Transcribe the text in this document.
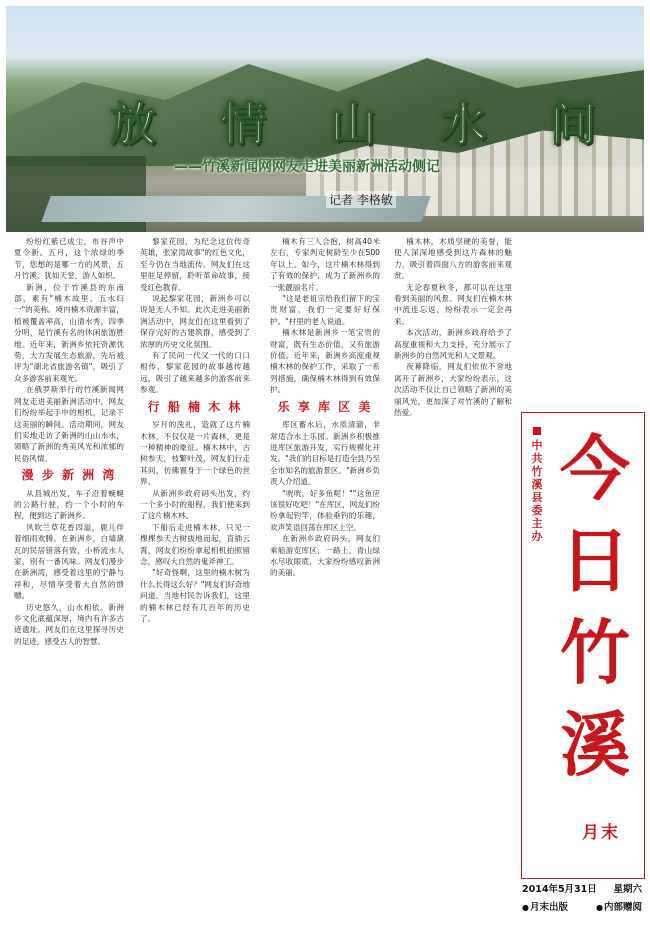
放 情 山 水 间
——竹溪新闻网网友走进美丽新洲活动侧记
记者 李格敏

纷纷红紫已成尘，布谷声中夏令新。五月，这个浓绿的季节，您想的是哪一方的风景，五月竹溪，犹如天堂，游人如织。

新洲，位于竹溪县的东南部，素有"楠木故里、五水归一"的美称。境内楠木资源丰富，植被覆盖率高，山清水秀，四季分明，是竹溪有名的休闲旅游胜地。近年来，新洲乡依托资源优势，大力发展生态旅游，先后被评为"湖北省旅游名镇"，吸引了众多游客前来观光。

在俄罗斯举行的竹溪新闻网网友走进美丽新洲活动中，网友们纷纷举起手中的相机，记录下这美丽的瞬间。活动期间，网友们实地走访了新洲的山山水水，领略了新洲的秀美风光和浓郁的民俗风情。

漫 步 新 洲 湾

从县城出发，车子沿着蜿蜒的公路行驶，约一个小时的车程，便到达了新洲乡。

风吹兰草花香四溢，鹿儿伴着细雨欢腾。在新洲乡，白墙黛瓦的民居错落有致，小桥流水人家，别有一番风味。网友们漫步在新洲湾，感受着这里的宁静与祥和，尽情享受着大自然的馈赠。

历史悠久，山水相依。新洲乡文化底蕴深厚，境内有许多古迹遗址。网友们在这里探寻历史的足迹，感受古人的智慧。

黎家花园，为纪念这位传奇英雄，张家湾故事"的红色文化，至今仍在当地流传。网友们在这里驻足停留，聆听革命故事，接受红色教育。

说起黎家花园，新洲乡可以说是无人不知。此次走进美丽新洲活动中，网友们在这里看到了保存完好的古建筑群，感受到了浓厚的历史文化氛围。

有了民间一代又一代的口口相传，黎家花园的故事越传越远，吸引了越来越多的游客前来参观。

行 船 楠 木 林

岁月的洗礼，造就了这片楠木林，不仅仅是一片森林，更是一种精神的象征。楠木林中，古树参天，枝繁叶茂，网友们行走其间，仿佛置身于一个绿色的世界。

从新洲乡政府码头出发，约一个多小时的船程，我们便来到了这片楠木林。

下船后走进楠木林，只见一棵棵参天古树拔地而起，直插云霄，网友们纷纷拿起相机拍照留念，感叹大自然的鬼斧神工。

"好奇怪啊，这里的楠木树为什么长得这么好？"网友们好奇地问道。当地村民告诉我们，这里的楠木林已经有几百年的历史了。

楠木有三人合抱，树高40米左右，专家判定树龄至少在500年以上。如今，这片楠木林得到了有效的保护，成为了新洲乡的一张靓丽名片。

"这是老祖宗给我们留下的宝贵财富，我们一定要好好保护。"村里的老人说道。

楠木林是新洲乡一笔宝贵的财富，既有生态价值，又有旅游价值。近年来，新洲乡高度重视楠木林的保护工作，采取了一系列措施，确保楠木林得到有效保护。

乐 享 库 区 美

库区蓄水后，水质清澈，非常适合水上乐园。新洲乡积极推进库区旅游开发，实行规模化开发。"我们的目标是打造全县乃至全市知名的旅游景区。"新洲乡负责人介绍道。

"咣咣，好多鱼呢！""这鱼应该很好吃吧！"在库区，网友们纷纷拿起钓竿，体验垂钓的乐趣，欢声笑语回荡在库区上空。

在新洲乡政府码头，网友们乘船游览库区，一路上，青山绿水尽收眼底，大家纷纷感叹新洲的美丽。

楠木林，木质坚硬的美誉，能使人深深地感受到这片森林的魅力，吸引着四面八方的游客前来观赏。

无论春夏秋冬，都可以在这里看到美丽的风景。网友们在楠木林中流连忘返，纷纷表示一定会再来。

本次活动，新洲乡政府给予了高度重视和大力支持，充分展示了新洲乡的自然风光和人文景观。

夜幕降临，网友们依依不舍地离开了新洲乡，大家纷纷表示，这次活动不仅让自己领略了新洲的美丽风光，更加深了对竹溪的了解和热爱。

中共竹溪县委主办
今
日
竹
溪
月末
2014年5月31日 星期六
●月末出版	●内部赠阅
